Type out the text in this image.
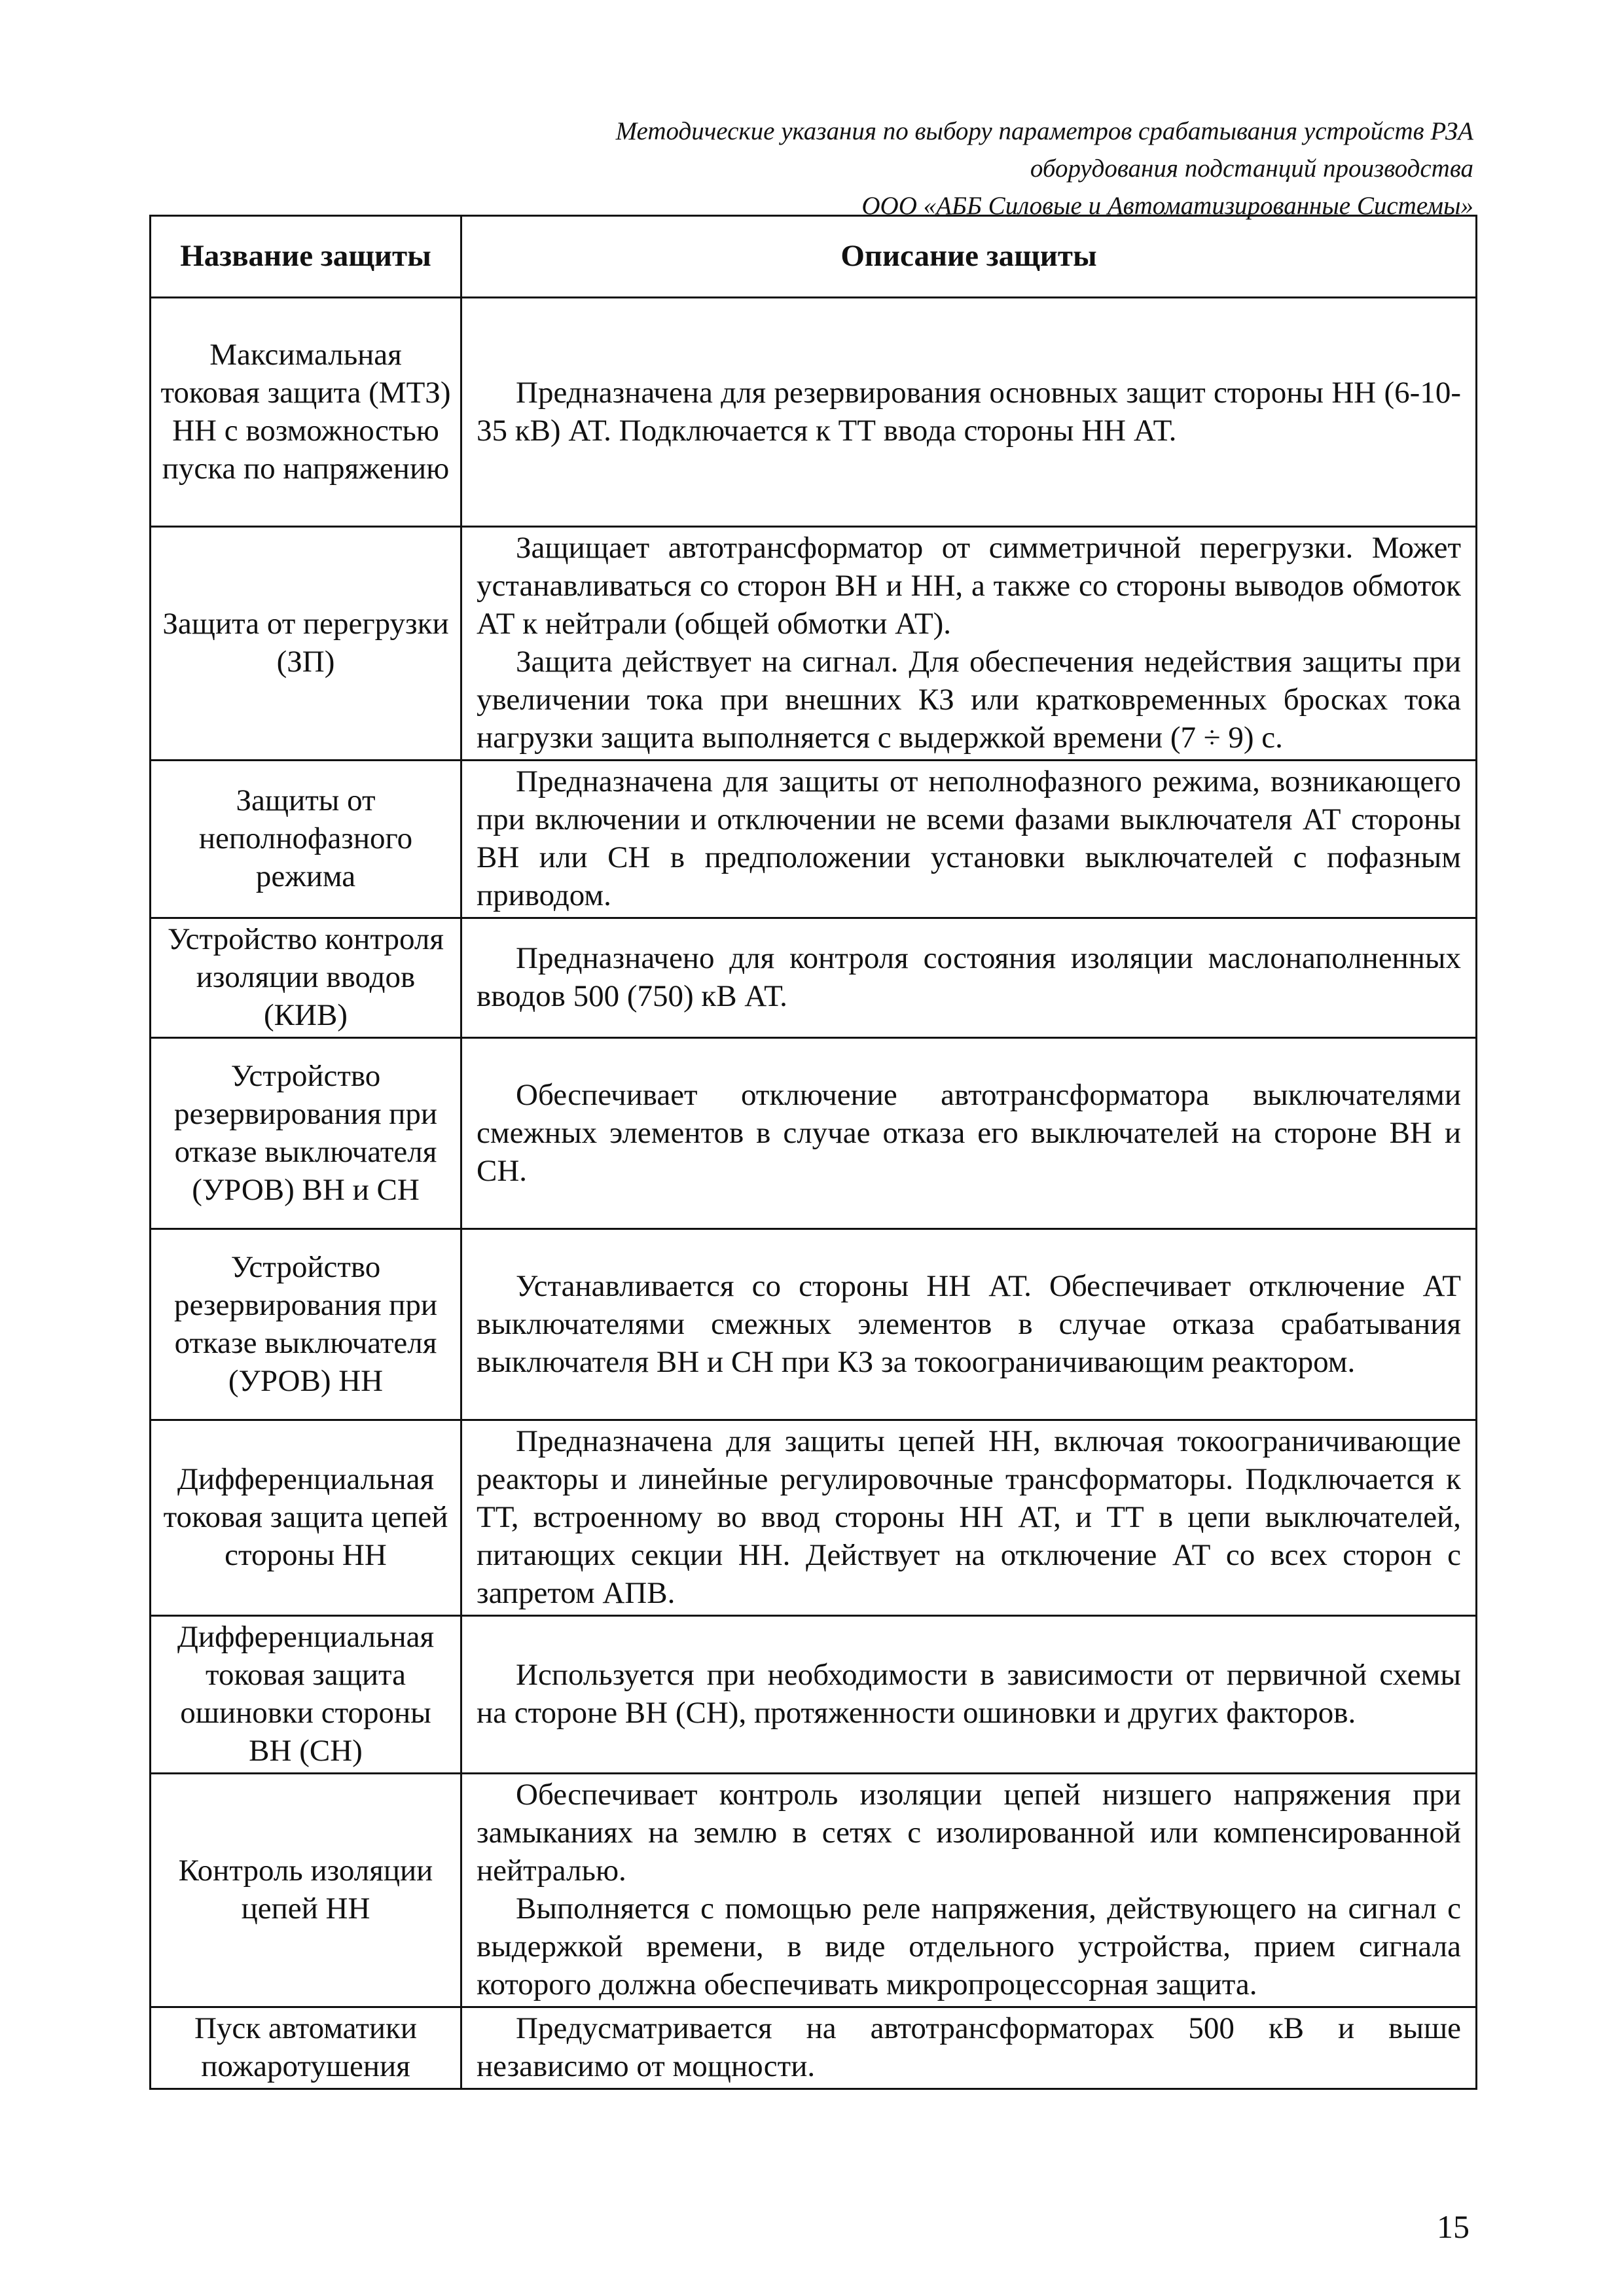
Методические указания по выбору параметров срабатывания устройств РЗА
оборудования подстанций производства
ООО «АББ Силовые и Автоматизированные Системы»
Название защиты	Описание защиты
Максимальная токовая защита (МТЗ) НН с возможностью пуска по напряжению	Предназначена для резервирования основных защит стороны НН (6-10-35 кВ) АТ. Подключается к ТТ ввода стороны НН АТ.

Защита от перегрузки (ЗП)	Защищает автотрансформатор от симметричной перегрузки. Может устанавливаться со сторон ВН и НН, а также со стороны выводов обмоток АТ к нейтрали (общей обмотки АТ).

Защита действует на сигнал. Для обеспечения недействия защиты при увеличении тока при внешних КЗ или кратковременных бросках тока нагрузки защита выполняется с выдержкой времени (7 ÷ 9) с.

Защиты от неполнофазного режима	Предназначена для защиты от неполнофазного режима, возникающего при включении и отключении не всеми фазами выключателя АТ стороны ВН или СН в предположении установки выключателей с пофазным приводом.

Устройство контроля изоляции вводов (КИВ)	Предназначено для контроля состояния изоляции маслонаполненных вводов 500 (750) кВ АТ.

Устройство резервирования при отказе выключателя (УРОВ) ВН и СН	Обеспечивает отключение автотрансформатора выключателями смежных элементов в случае отказа его выключателей на стороне ВН и СН.

Устройство резервирования при отказе выключателя (УРОВ) НН	Устанавливается со стороны НН АТ. Обеспечивает отключение АТ выключателями смежных элементов в случае отказа срабатывания выключателя ВН и СН при КЗ за токоограничивающим реактором.

Дифференциальная токовая защита цепей стороны НН	Предназначена для защиты цепей НН, включая токоограничивающие реакторы и линейные регулировочные трансформаторы. Подключается к ТТ, встроенному во ввод стороны НН АТ, и ТТ в цепи выключателей, питающих секции НН. Действует на отключение АТ со всех сторон с запретом АПВ.

Дифференциальная токовая защита ошиновки стороны ВН (СН)	Используется при необходимости в зависимости от первичной схемы на стороне ВН (СН), протяженности ошиновки и других факторов.

Контроль изоляции цепей НН	Обеспечивает контроль изоляции цепей низшего напряжения при замыканиях на землю в сетях с изолированной или компенсированной нейтралью.

Выполняется с помощью реле напряжения, действующего на сигнал с выдержкой времени, в виде отдельного устройства, прием сигнала которого должна обеспечивать микропроцессорная защита.

Пуск автоматики пожаротушения	Предусматривается на автотрансформаторах 500 кВ и выше независимо от мощности.

15
